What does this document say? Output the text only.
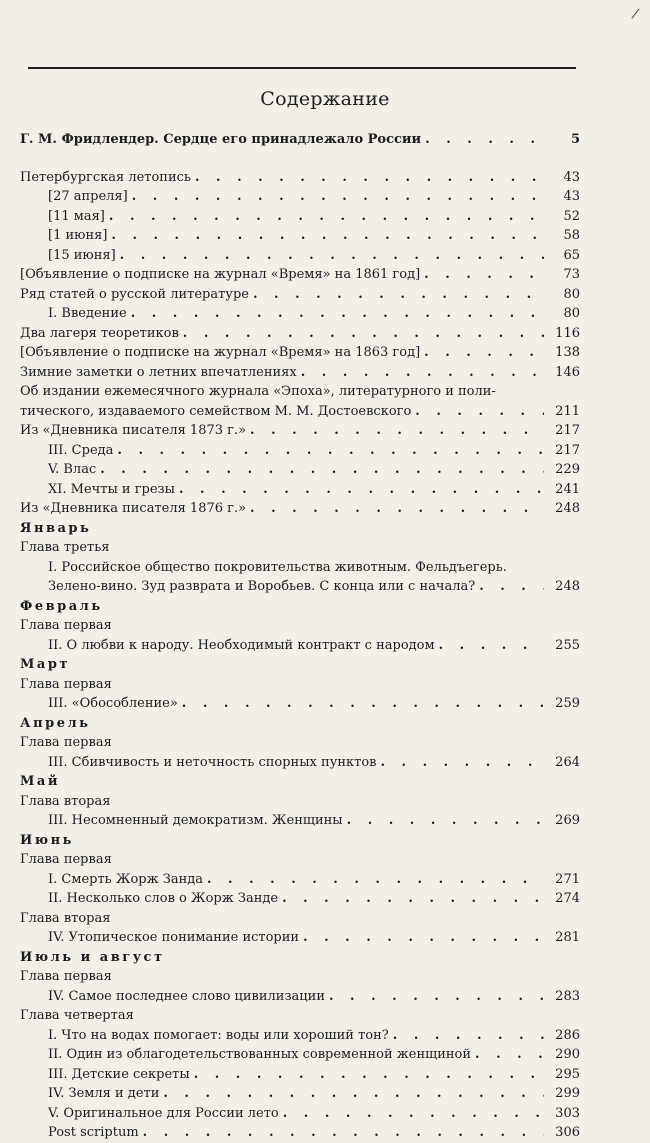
/
Содержание
Г. М. Фридлендер. Сердце его принадлежало России . . .	5
Петербургская летопись . . .	43
[27 апреля] . . .	43
[11 мая] . . .	52
[1 июня] . . .	58
[15 июня] . . .	65
[Объявление о подписке на журнал «Время» на 1861 год] . . .	73
Ряд статей о русской литературе . . .	80
I. Введение . . .	80
Два лагеря теоретиков . . .	116
[Объявление о подписке на журнал «Время» на 1863 год] . . .	138
Зимние заметки о летних впечатлениях . . .	146
Об издании ежемесячного журнала «Эпоха», литературного и поли-
тического, издаваемого семейством М. М. Достоевского . . .	211
Из «Дневника писателя 1873 г.» . . .	217
III. Среда . . .	217
V. Влас . . .	229
XI. Мечты и грезы . . .	241
Из «Дневника писателя 1876 г.» . . .	248
Январь
Глава третья
I. Российское общество покровительства животным. Фельдъегерь.
Зелено-вино. Зуд разврата и Воробьев. С конца или с начала? . . .	248
Февраль
Глава первая
II. О любви к народу. Необходимый контракт с народом . . .	255
Март
Глава первая
III. «Обособление» . . .	259
Апрель
Глава первая
III. Сбивчивость и неточность спорных пунктов . . .	264
Май
Глава вторая
III. Несомненный демократизм. Женщины . . .	269
Июнь
Глава первая
I. Смерть Жорж Занда . . .	271
II. Несколько слов о Жорж Занде . . .	274
Глава вторая
IV. Утопическое понимание истории . . .	281
Июль и август
Глава первая
IV. Самое последнее слово цивилизации . . .	283
Глава четвертая
I. Что на водах помогает: воды или хороший тон? . . .	286
II. Один из облагодетельствованных современной женщиной . . .	290
III. Детские секреты . . .	295
IV. Земля и дети . . .	299
V. Оригинальное для России лето . . .	303
Post scriptum . . .	306
